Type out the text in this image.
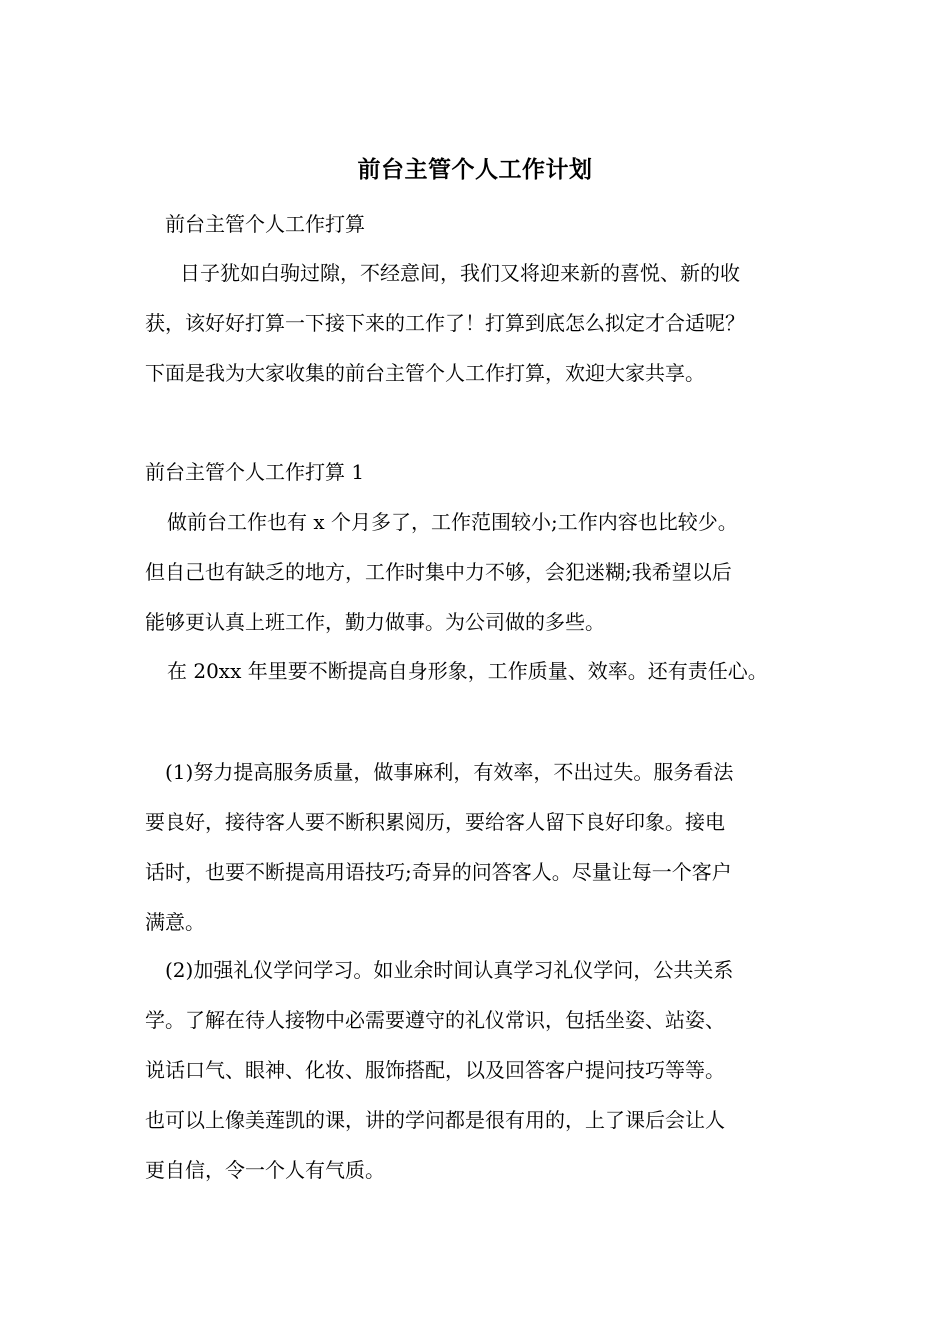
前台主管个人工作计划
前台主管个人工作打算
日子犹如白驹过隙，不经意间，我们又将迎来新的喜悦、新的收
获，该好好打算一下接下来的工作了！打算到底怎么拟定才合适呢？
下面是我为大家收集的前台主管个人工作打算，欢迎大家共享。
前台主管个人工作打算 1
做前台工作也有 x 个月多了，工作范围较小;工作内容也比较少。
但自己也有缺乏的地方，工作时集中力不够，会犯迷糊;我希望以后
能够更认真上班工作，勤力做事。为公司做的多些。
在 20xx 年里要不断提高自身形象，工作质量、效率。还有责任心。
(1)努力提高服务质量，做事麻利，有效率，不出过失。服务看法
要良好，接待客人要不断积累阅历，要给客人留下良好印象。接电
话时，也要不断提高用语技巧;奇异的问答客人。尽量让每一个客户
满意。
(2)加强礼仪学问学习。如业余时间认真学习礼仪学问，公共关系
学。了解在待人接物中必需要遵守的礼仪常识，包括坐姿、站姿、
说话口气、眼神、化妆、服饰搭配，以及回答客户提问技巧等等。
也可以上像美莲凯的课，讲的学问都是很有用的，上了课后会让人
更自信，令一个人有气质。
